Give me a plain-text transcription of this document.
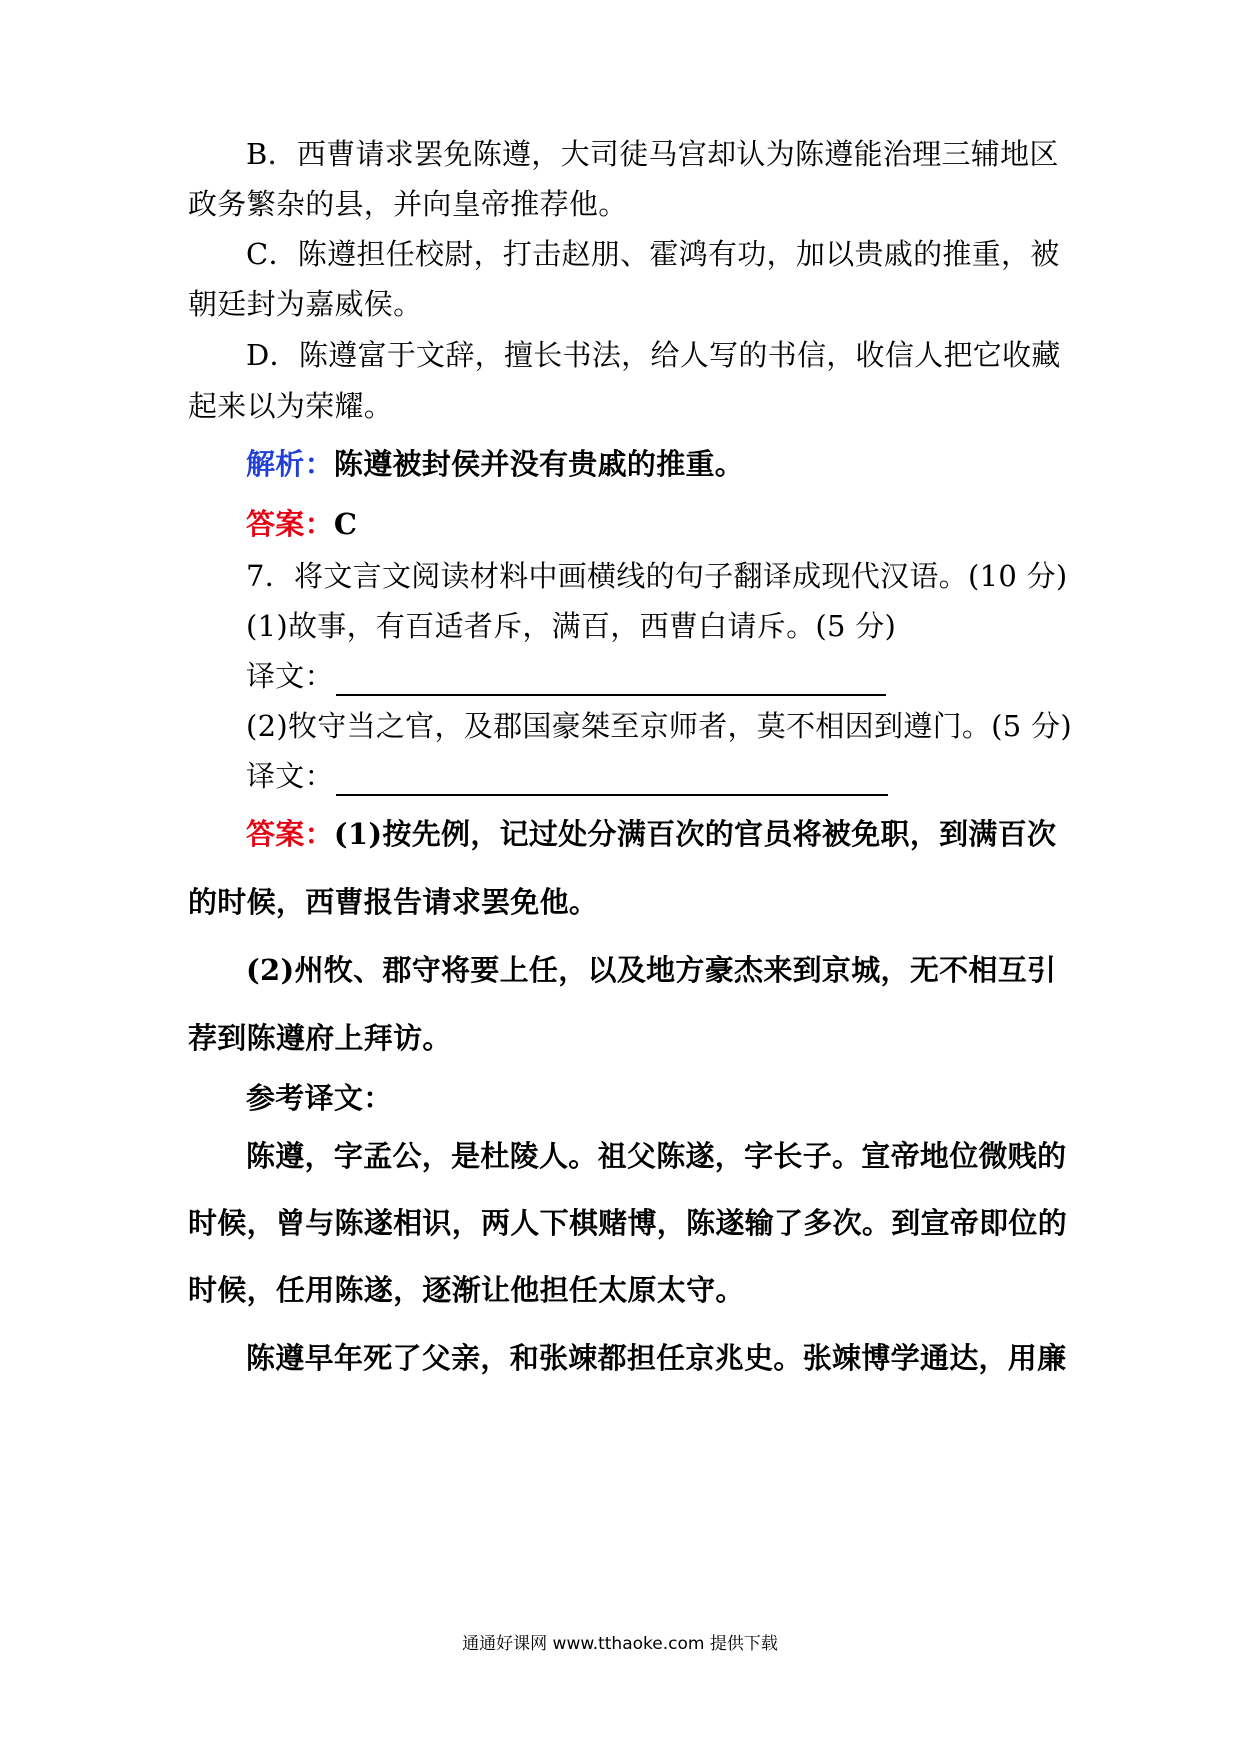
B．西曹请求罢免陈遵，大司徒马宫却认为陈遵能治理三辅地区
政务繁杂的县，并向皇帝推荐他。
C．陈遵担任校尉，打击赵朋、霍鸿有功，加以贵戚的推重，被
朝廷封为嘉威侯。
D．陈遵富于文辞，擅长书法，给人写的书信，收信人把它收藏
起来以为荣耀。
解析：陈遵被封侯并没有贵戚的推重。
答案：C
7．将文言文阅读材料中画横线的句子翻译成现代汉语。(10 分)
(1)故事，有百适者斥，满百，西曹白请斥。(5 分)
译文：
(2)牧守当之官，及郡国豪桀至京师者，莫不相因到遵门。(5 分)
译文：
答案：(1)按先例，记过处分满百次的官员将被免职，到满百次
的时候，西曹报告请求罢免他。
(2)州牧、郡守将要上任，以及地方豪杰来到京城，无不相互引
荐到陈遵府上拜访。
参考译文：
陈遵，字孟公，是杜陵人。祖父陈遂，字长子。宣帝地位微贱的
时候，曾与陈遂相识，两人下棋赌博，陈遂输了多次。到宣帝即位的
时候，任用陈遂，逐渐让他担任太原太守。
陈遵早年死了父亲，和张竦都担任京兆史。张竦博学通达，用廉
通通好课网 www.tthaoke.com 提供下载
